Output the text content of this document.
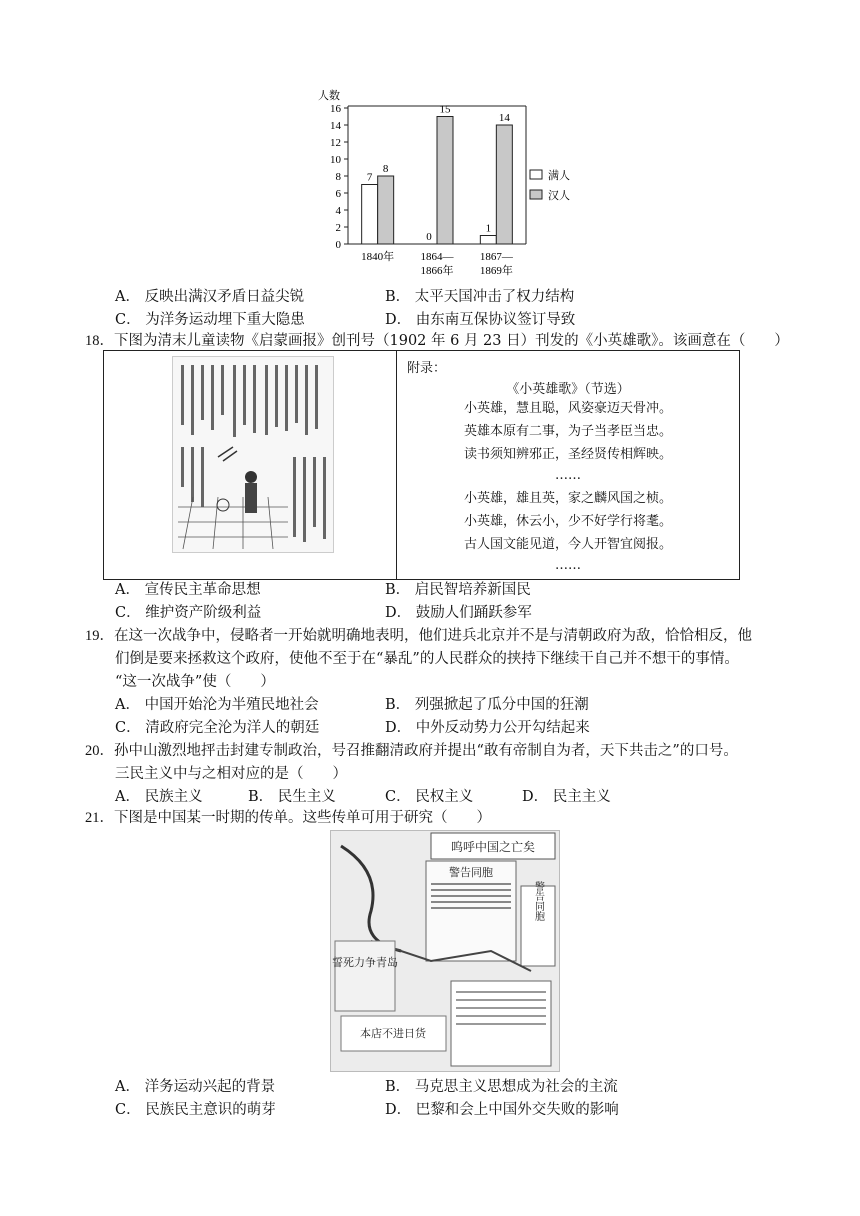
人数
0
2
4
6
8
10
12
14
16
7
8
1840年
0
15
1864—
1866年
1
14
1867—
1869年
满人
汉人
A． 反映出满汉矛盾日益尖锐	B． 太平天国冲击了权力结构
C． 为洋务运动埋下重大隐患	D． 由东南互保协议签订导致
18．下图为清末儿童读物《启蒙画报》创刊号（1902 年 6 月 23 日）刊发的《小英雄歌》。该画意在（　　）
附录：
《小英雄歌》（节选）
小英雄，慧且聪，风姿豪迈天骨冲。
英雄本原有二事，为子当孝臣当忠。
读书须知辨邪正，圣经贤传相辉映。
……
小英雄，雄且英，家之麟风国之桢。
小英雄，休云小，少不好学行将耄。
古人国文能见道，今人开智宜阅报。
……
A． 宣传民主革命思想	B． 启民智培养新国民
C． 维护资产阶级利益	D． 鼓励人们踊跃参军
19．在这一次战争中，侵略者一开始就明确地表明，他们进兵北京并不是与清朝政府为敌，恰恰相反，他
们倒是要来拯救这个政府，使他不至于在“暴乱”的人民群众的挟持下继续干自己并不想干的事情。
“这一次战争”使（　　）
A． 中国开始沦为半殖民地社会	B． 列强掀起了瓜分中国的狂潮
C． 清政府完全沦为洋人的朝廷	D． 中外反动势力公开勾结起来
20．孙中山激烈地抨击封建专制政治，号召推翻清政府并提出“敢有帝制自为者，天下共击之”的口号。
三民主义中与之相对应的是（　　）
A． 民族主义	B． 民生主义	C． 民权主义	D． 民主主义
21．下图是中国某一时期的传单。这些传单可用于研究（　　）
呜呼中国之亡矣
警告同胞
警告同胞
誓死力争青岛
本店不进日货
A． 洋务运动兴起的背景	B． 马克思主义思想成为社会的主流
C． 民族民主意识的萌芽	D． 巴黎和会上中国外交失败的影响
